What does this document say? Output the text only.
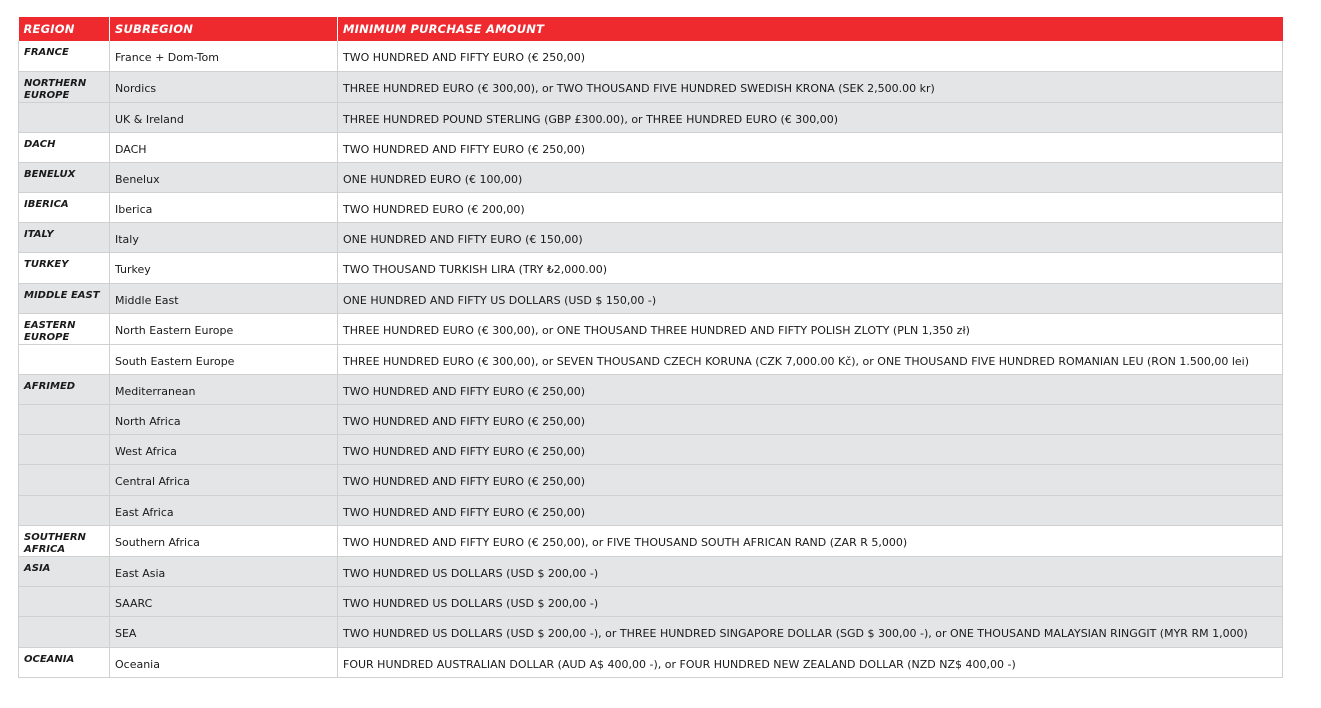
REGION	SUBREGION	MINIMUM PURCHASE AMOUNT
FRANCE	France + Dom-Tom	TWO HUNDRED AND FIFTY EURO (€ 250,00)
NORTHERN EUROPE	Nordics	THREE HUNDRED EURO (€ 300,00), or TWO THOUSAND FIVE HUNDRED SWEDISH KRONA (SEK 2,500.00 kr)
	UK & Ireland	THREE HUNDRED POUND STERLING (GBP £300.00), or THREE HUNDRED EURO (€ 300,00)
DACH	DACH	TWO HUNDRED AND FIFTY EURO (€ 250,00)
BENELUX	Benelux	ONE HUNDRED EURO (€ 100,00)
IBERICA	Iberica	TWO HUNDRED EURO (€ 200,00)
ITALY	Italy	ONE HUNDRED AND FIFTY EURO (€ 150,00)
TURKEY	Turkey	TWO THOUSAND TURKISH LIRA (TRY ₺2,000.00)
MIDDLE EAST	Middle East	ONE HUNDRED AND FIFTY US DOLLARS (USD $ 150,00 -)
EASTERN EUROPE	North Eastern Europe	THREE HUNDRED EURO (€ 300,00), or ONE THOUSAND THREE HUNDRED AND FIFTY POLISH ZLOTY (PLN 1,350 zł)
	South Eastern Europe	THREE HUNDRED EURO (€ 300,00), or SEVEN THOUSAND CZECH KORUNA (CZK 7,000.00 Kč), or ONE THOUSAND FIVE HUNDRED ROMANIAN LEU (RON 1.500,00 lei)
AFRIMED	Mediterranean	TWO HUNDRED AND FIFTY EURO (€ 250,00)
	North Africa	TWO HUNDRED AND FIFTY EURO (€ 250,00)
	West Africa	TWO HUNDRED AND FIFTY EURO (€ 250,00)
	Central Africa	TWO HUNDRED AND FIFTY EURO (€ 250,00)
	East Africa	TWO HUNDRED AND FIFTY EURO (€ 250,00)
SOUTHERN AFRICA	Southern Africa	TWO HUNDRED AND FIFTY EURO (€ 250,00), or FIVE THOUSAND SOUTH AFRICAN RAND (ZAR R 5,000)
ASIA	East Asia	TWO HUNDRED US DOLLARS (USD $ 200,00 -)
	SAARC	TWO HUNDRED US DOLLARS (USD $ 200,00 -)
	SEA	TWO HUNDRED US DOLLARS (USD $ 200,00 -), or THREE HUNDRED SINGAPORE DOLLAR (SGD $ 300,00 -), or ONE THOUSAND MALAYSIAN RINGGIT (MYR RM 1,000)
OCEANIA	Oceania	FOUR HUNDRED AUSTRALIAN DOLLAR (AUD A$ 400,00 -), or FOUR HUNDRED NEW ZEALAND DOLLAR (NZD NZ$ 400,00 -)
